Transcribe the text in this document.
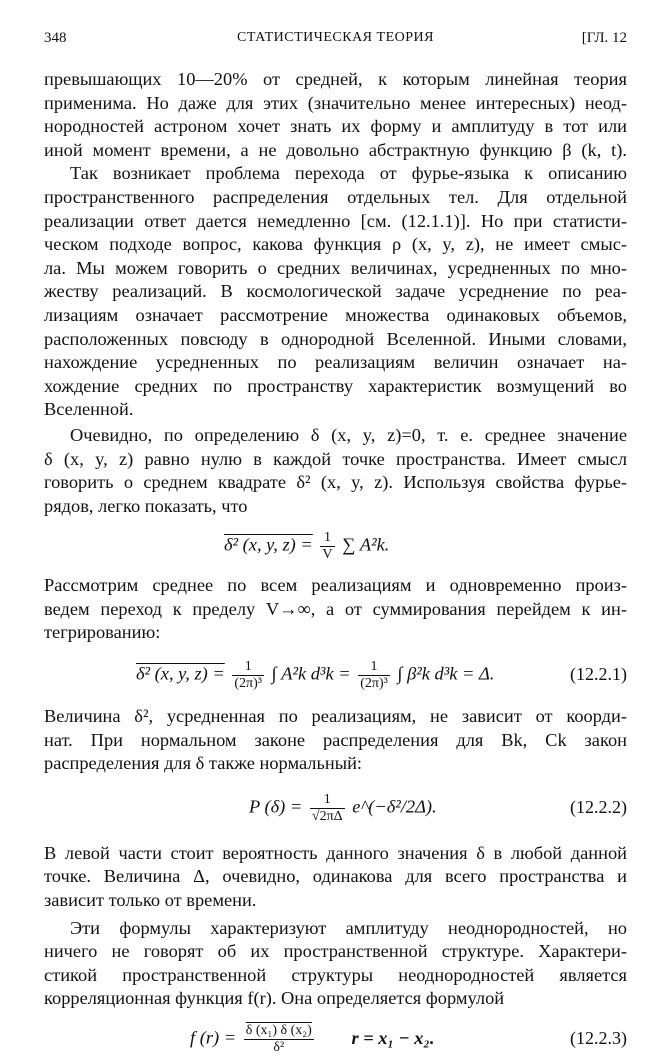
348	СТАТИСТИЧЕСКАЯ ТЕОРИЯ	[ГЛ. 12

превышающих 10—20% от средней, к которым линейная теория
применима. Но даже для этих (значительно менее интересных) неод-
нородностей астроном хочет знать их форму и амплитуду в тот или
иной момент времени, а не довольно абстрактную функцию β (k, t).

Так возникает проблема перехода от фурье-языка к описанию
пространственного распределения отдельных тел. Для отдельной
реализации ответ дается немедленно [см. (12.1.1)]. Но при статисти-
ческом подходе вопрос, какова функция ρ (x, y, z), не имеет смыс-
ла. Мы можем говорить о средних величинах, усредненных по мно-
жеству реализаций. В космологической задаче усреднение по реа-
лизациям означает рассмотрение множества одинаковых объемов,
расположенных повсюду в однородной Вселенной. Иными словами,
нахождение усредненных по реализациям величин означает на-
хождение средних по пространству характеристик возмущений во
Вселенной.

Очевидно, по определению δ (x, y, z)=0, т. е. среднее значение
δ (x, y, z) равно нулю в каждой точке пространства. Имеет смысл
говорить о среднем квадрате δ² (x, y, z). Используя свойства фурье-
рядов, легко показать, что

δ² (x, y, $z) = \frac{1}{V}$ ∑ A²k.

Рассмотрим среднее по всем реализациям и одновременно произ-
ведем переход к пределу V→∞, а от суммирования перейдем к ин-
тегрированию:

δ² (x, y, $z) = \frac{1}{\text{(2π)³}}$ ∫ A²k $d^3k = \frac{1}{\text{(2π)³}}$ ∫ β²k d³k = Δ.	(12.2.1)

Величина δ², усредненная по реализациям, не зависит от коорди-
нат. При нормальном законе распределения для Bk, Ck закон
распределения для δ также нормальный:

P $(\delta) = \frac{1}{√2\pi\Delta}$ e^(−δ²/2Δ).	(12.2.2)

В левой части стоит вероятность данного значения δ в любой данной
точке. Величина Δ, очевидно, одинакова для всего пространства и
зависит только от времени.

Эти формулы характеризуют амплитуду неоднородностей, но
ничего не говорят об их пространственной структуре. Характери-
стикой пространственной структуры неоднородностей является
корреляционная функция f(r). Она определяется формулой

f $(r) = \frac{\text{δ (x₁) δ (x₂)}}{\text{δ²}}$ r = x₁ − x₂.	(12.2.3)
